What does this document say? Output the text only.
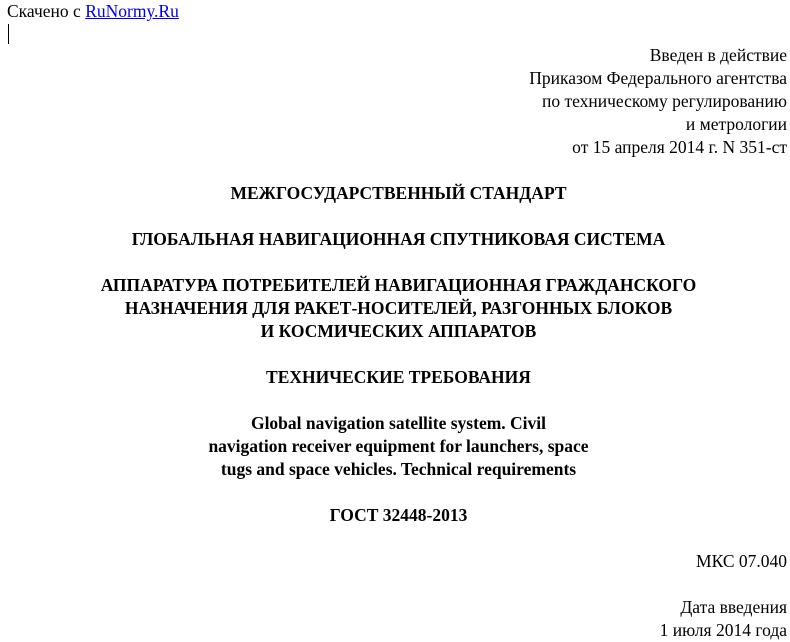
Скачено с RuNormy.Ru
Введен в действие
Приказом Федерального агентства
по техническому регулированию
и метрологии
от 15 апреля 2014 г. N 351-ст
МЕЖГОСУДАРСТВЕННЫЙ СТАНДАРТ
ГЛОБАЛЬНАЯ НАВИГАЦИОННАЯ СПУТНИКОВАЯ СИСТЕМА
АППАРАТУРА ПОТРЕБИТЕЛЕЙ НАВИГАЦИОННАЯ ГРАЖДАНСКОГО
НАЗНАЧЕНИЯ ДЛЯ РАКЕТ-НОСИТЕЛЕЙ, РАЗГОННЫХ БЛОКОВ
И КОСМИЧЕСКИХ АППАРАТОВ
ТЕХНИЧЕСКИЕ ТРЕБОВАНИЯ
Global navigation satellite system. Civil
navigation receiver equipment for launchers, space
tugs and space vehicles. Technical requirements
ГОСТ 32448-2013
МКС 07.040
Дата введения
1 июля 2014 года
